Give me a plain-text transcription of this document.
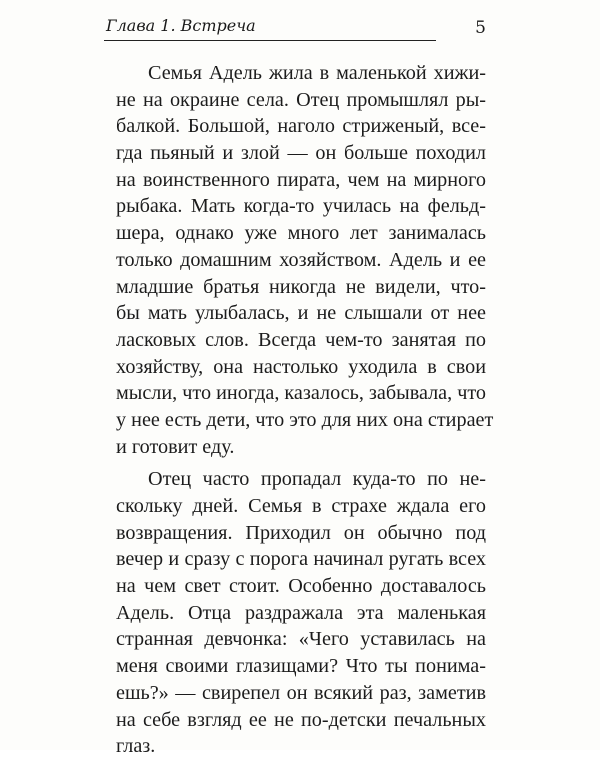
Глава 1. Встреча	5
Семья Адель жила в маленькой хижи-
не на окраине села. Отец промышлял ры-
балкой. Большой, наголо стриженый, все-
гда пьяный и злой — он больше походил
на воинственного пирата, чем на мирного
рыбака. Мать когда-то училась на фельд-
шера, однако уже много лет занималась
только домашним хозяйством. Адель и ее
младшие братья никогда не видели, что-
бы мать улыбалась, и не слышали от нее
ласковых слов. Всегда чем-то занятая по
хозяйству, она настолько уходила в свои
мысли, что иногда, казалось, забывала, что
у нее есть дети, что это для них она стирает
и готовит еду.
Отец часто пропадал куда-то по не-
скольку дней. Семья в страхе ждала его
возвращения. Приходил он обычно под
вечер и сразу с порога начинал ругать всех
на чем свет стоит. Особенно доставалось
Адель. Отца раздражала эта маленькая
странная девчонка: «Чего уставилась на
меня своими глазищами? Что ты понима-
ешь?» — свирепел он всякий раз, заметив
на себе взгляд ее не по-детски печальных
глаз.
